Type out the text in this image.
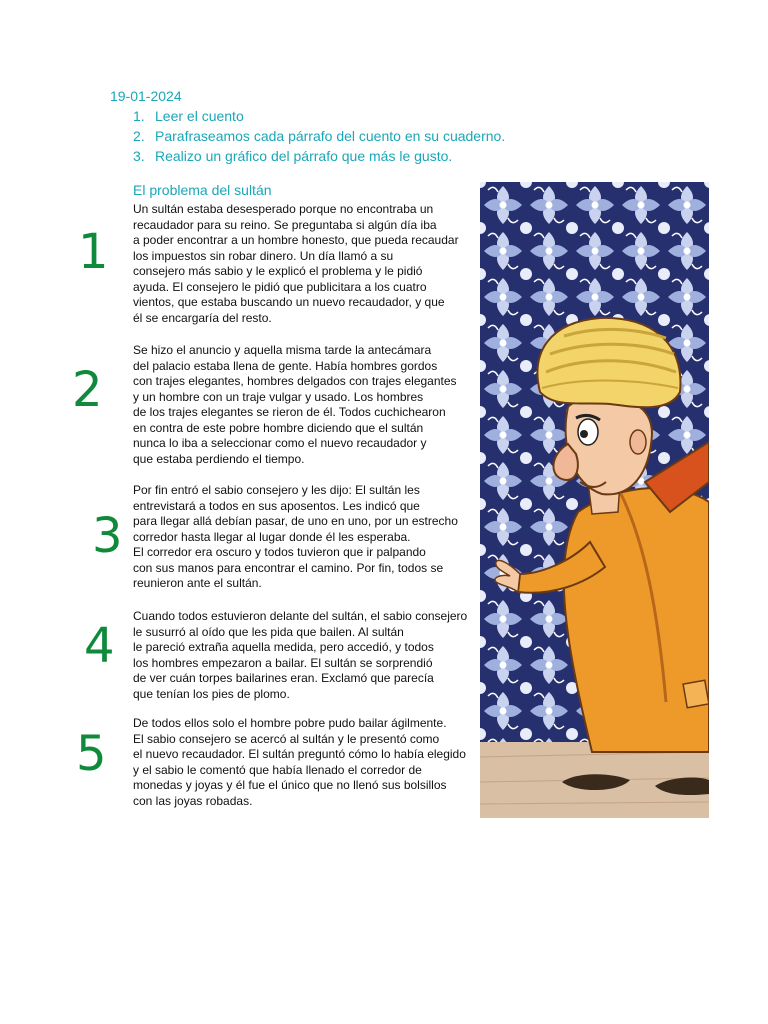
19-01-2024
1. Leer el cuento
2. Parafraseamos cada párrafo del cuento en su cuaderno.
3. Realizo un gráfico del párrafo que más le gusto.
El problema del sultán
1
Un sultán estaba desesperado porque no encontraba un
recaudador para su reino. Se preguntaba si algún día iba
a poder encontrar a un hombre honesto, que pueda recaudar
los impuestos sin robar dinero. Un día llamó a su
consejero más sabio y le explicó el problema y le pidió
ayuda. El consejero le pidió que publicitara a los cuatro
vientos, que estaba buscando un nuevo recaudador, y que
él se encargaría del resto.
2
Se hizo el anuncio y aquella misma tarde la antecámara
del palacio estaba llena de gente. Había hombres gordos
con trajes elegantes, hombres delgados con trajes elegantes
y un hombre con un traje vulgar y usado. Los hombres
de los trajes elegantes se rieron de él. Todos cuchichearon
en contra de este pobre hombre diciendo que el sultán
nunca lo iba a seleccionar como el nuevo recaudador y
que estaba perdiendo el tiempo.
3
Por fin entró el sabio consejero y les dijo: El sultán les
entrevistará a todos en sus aposentos. Les indicó que
para llegar allá debían pasar, de uno en uno, por un estrecho
corredor hasta llegar al lugar donde él les esperaba.
El corredor era oscuro y todos tuvieron que ir palpando
con sus manos para encontrar el camino. Por fin, todos se
reunieron ante el sultán.
4
Cuando todos estuvieron delante del sultán, el sabio consejero
le susurró al oído que les pida que bailen. Al sultán
le pareció extraña aquella medida, pero accedió, y todos
los hombres empezaron a bailar. El sultán se sorprendió
de ver cuán torpes bailarines eran. Exclamó que parecía
que tenían los pies de plomo.
5
De todos ellos solo el hombre pobre pudo bailar ágilmente.
El sabio consejero se acercó al sultán y le presentó como
el nuevo recaudador. El sultán preguntó cómo lo había elegido
y el sabio le comentó que había llenado el corredor de
monedas y joyas y él fue el único que no llenó sus bolsillos
con las joyas robadas.
